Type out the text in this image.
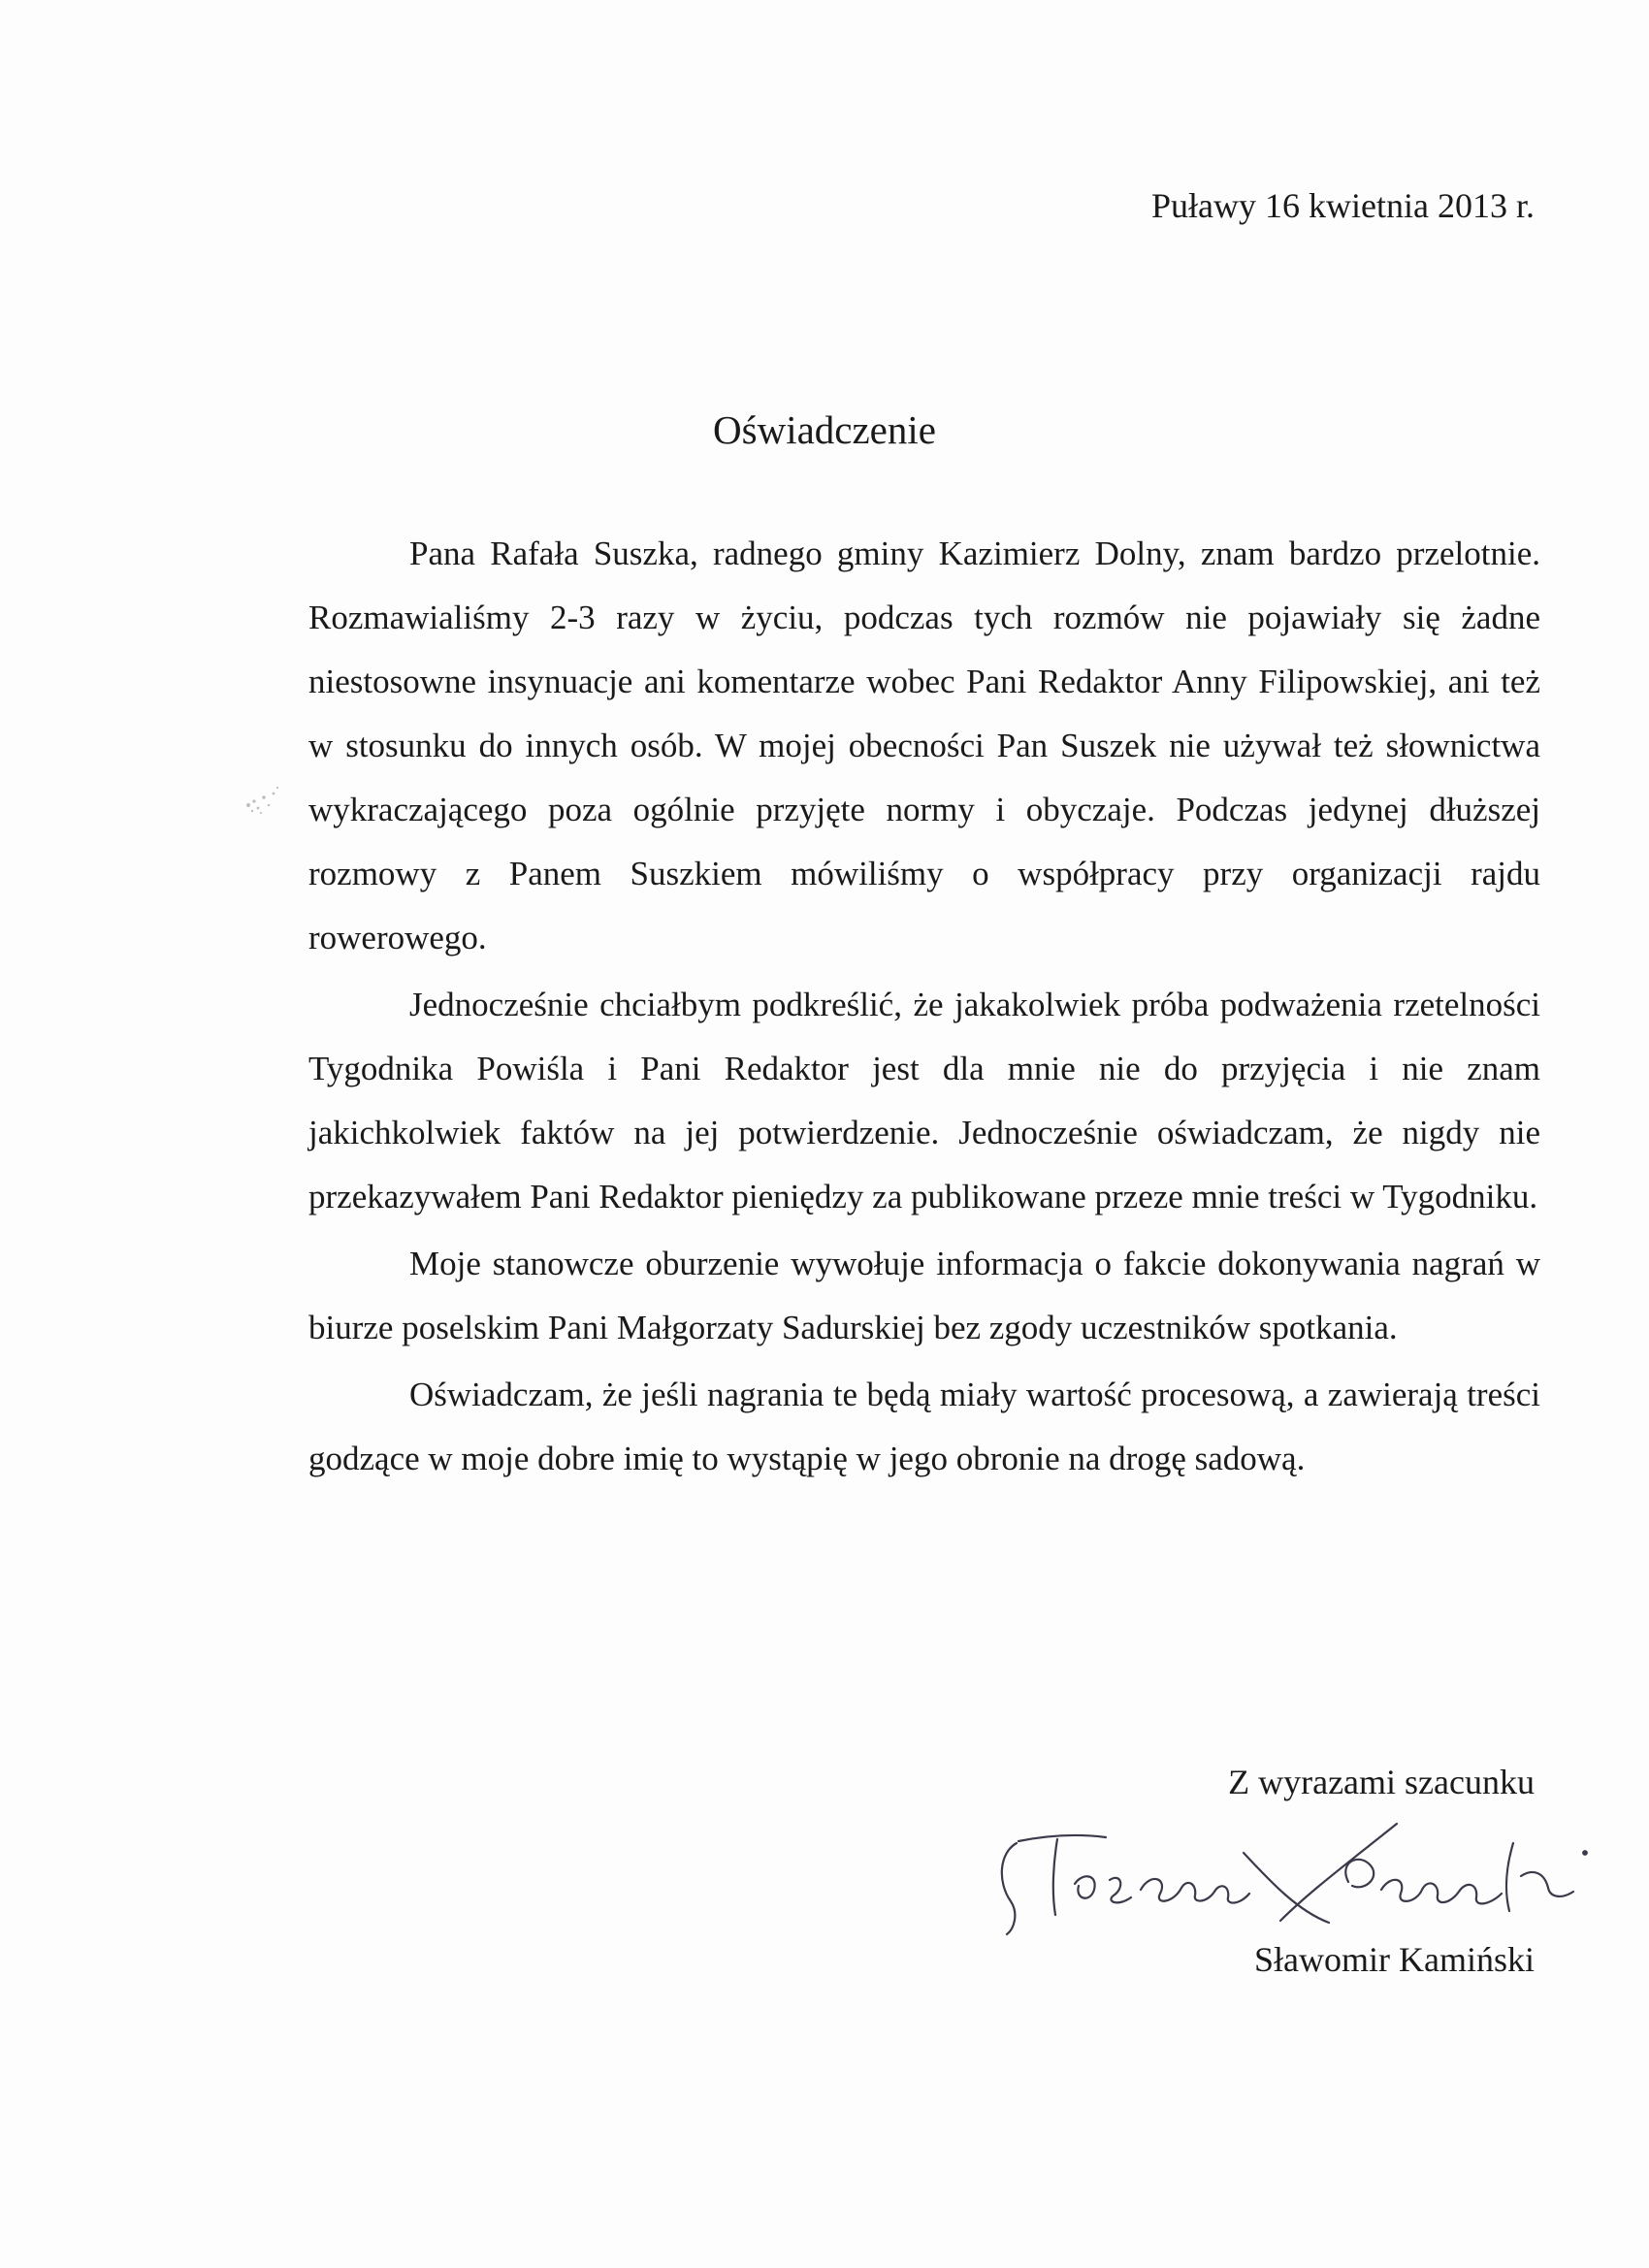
Puławy 16 kwietnia 2013 r.
Oświadczenie

Pana Rafała Suszka, radnego gminy Kazimierz Dolny, znam bardzo przelotnie. Rozmawialiśmy 2-3 razy w życiu, podczas tych rozmów nie pojawiały się żadne niestosowne insynuacje ani komentarze wobec Pani Redaktor Anny Filipowskiej, ani też w stosunku do innych osób. W mojej obecności Pan Suszek nie używał też słownictwa wykraczającego poza ogólnie przyjęte normy i obyczaje. Podczas jedynej dłuższej rozmowy z Panem Suszkiem mówiliśmy o współpracy przy organizacji rajdu rowerowego.

Jednocześnie chciałbym podkreślić, że jakakolwiek próba podważenia rzetelności Tygodnika Powiśla i Pani Redaktor jest dla mnie nie do przyjęcia i nie znam jakichkolwiek faktów na jej potwierdzenie. Jednocześnie oświadczam, że nigdy nie przekazywałem Pani Redaktor pieniędzy za publikowane przeze mnie treści w Tygodniku.

Moje stanowcze oburzenie wywołuje informacja o fakcie dokonywania nagrań w biurze poselskim Pani Małgorzaty Sadurskiej bez zgody uczestników spotkania.

Oświadczam, że jeśli nagrania te będą miały wartość procesową, a zawierają treści godzące w moje dobre imię to wystąpię w jego obronie na drogę sadową.

Z wyrazami szacunku
Sławomir Kamiński
